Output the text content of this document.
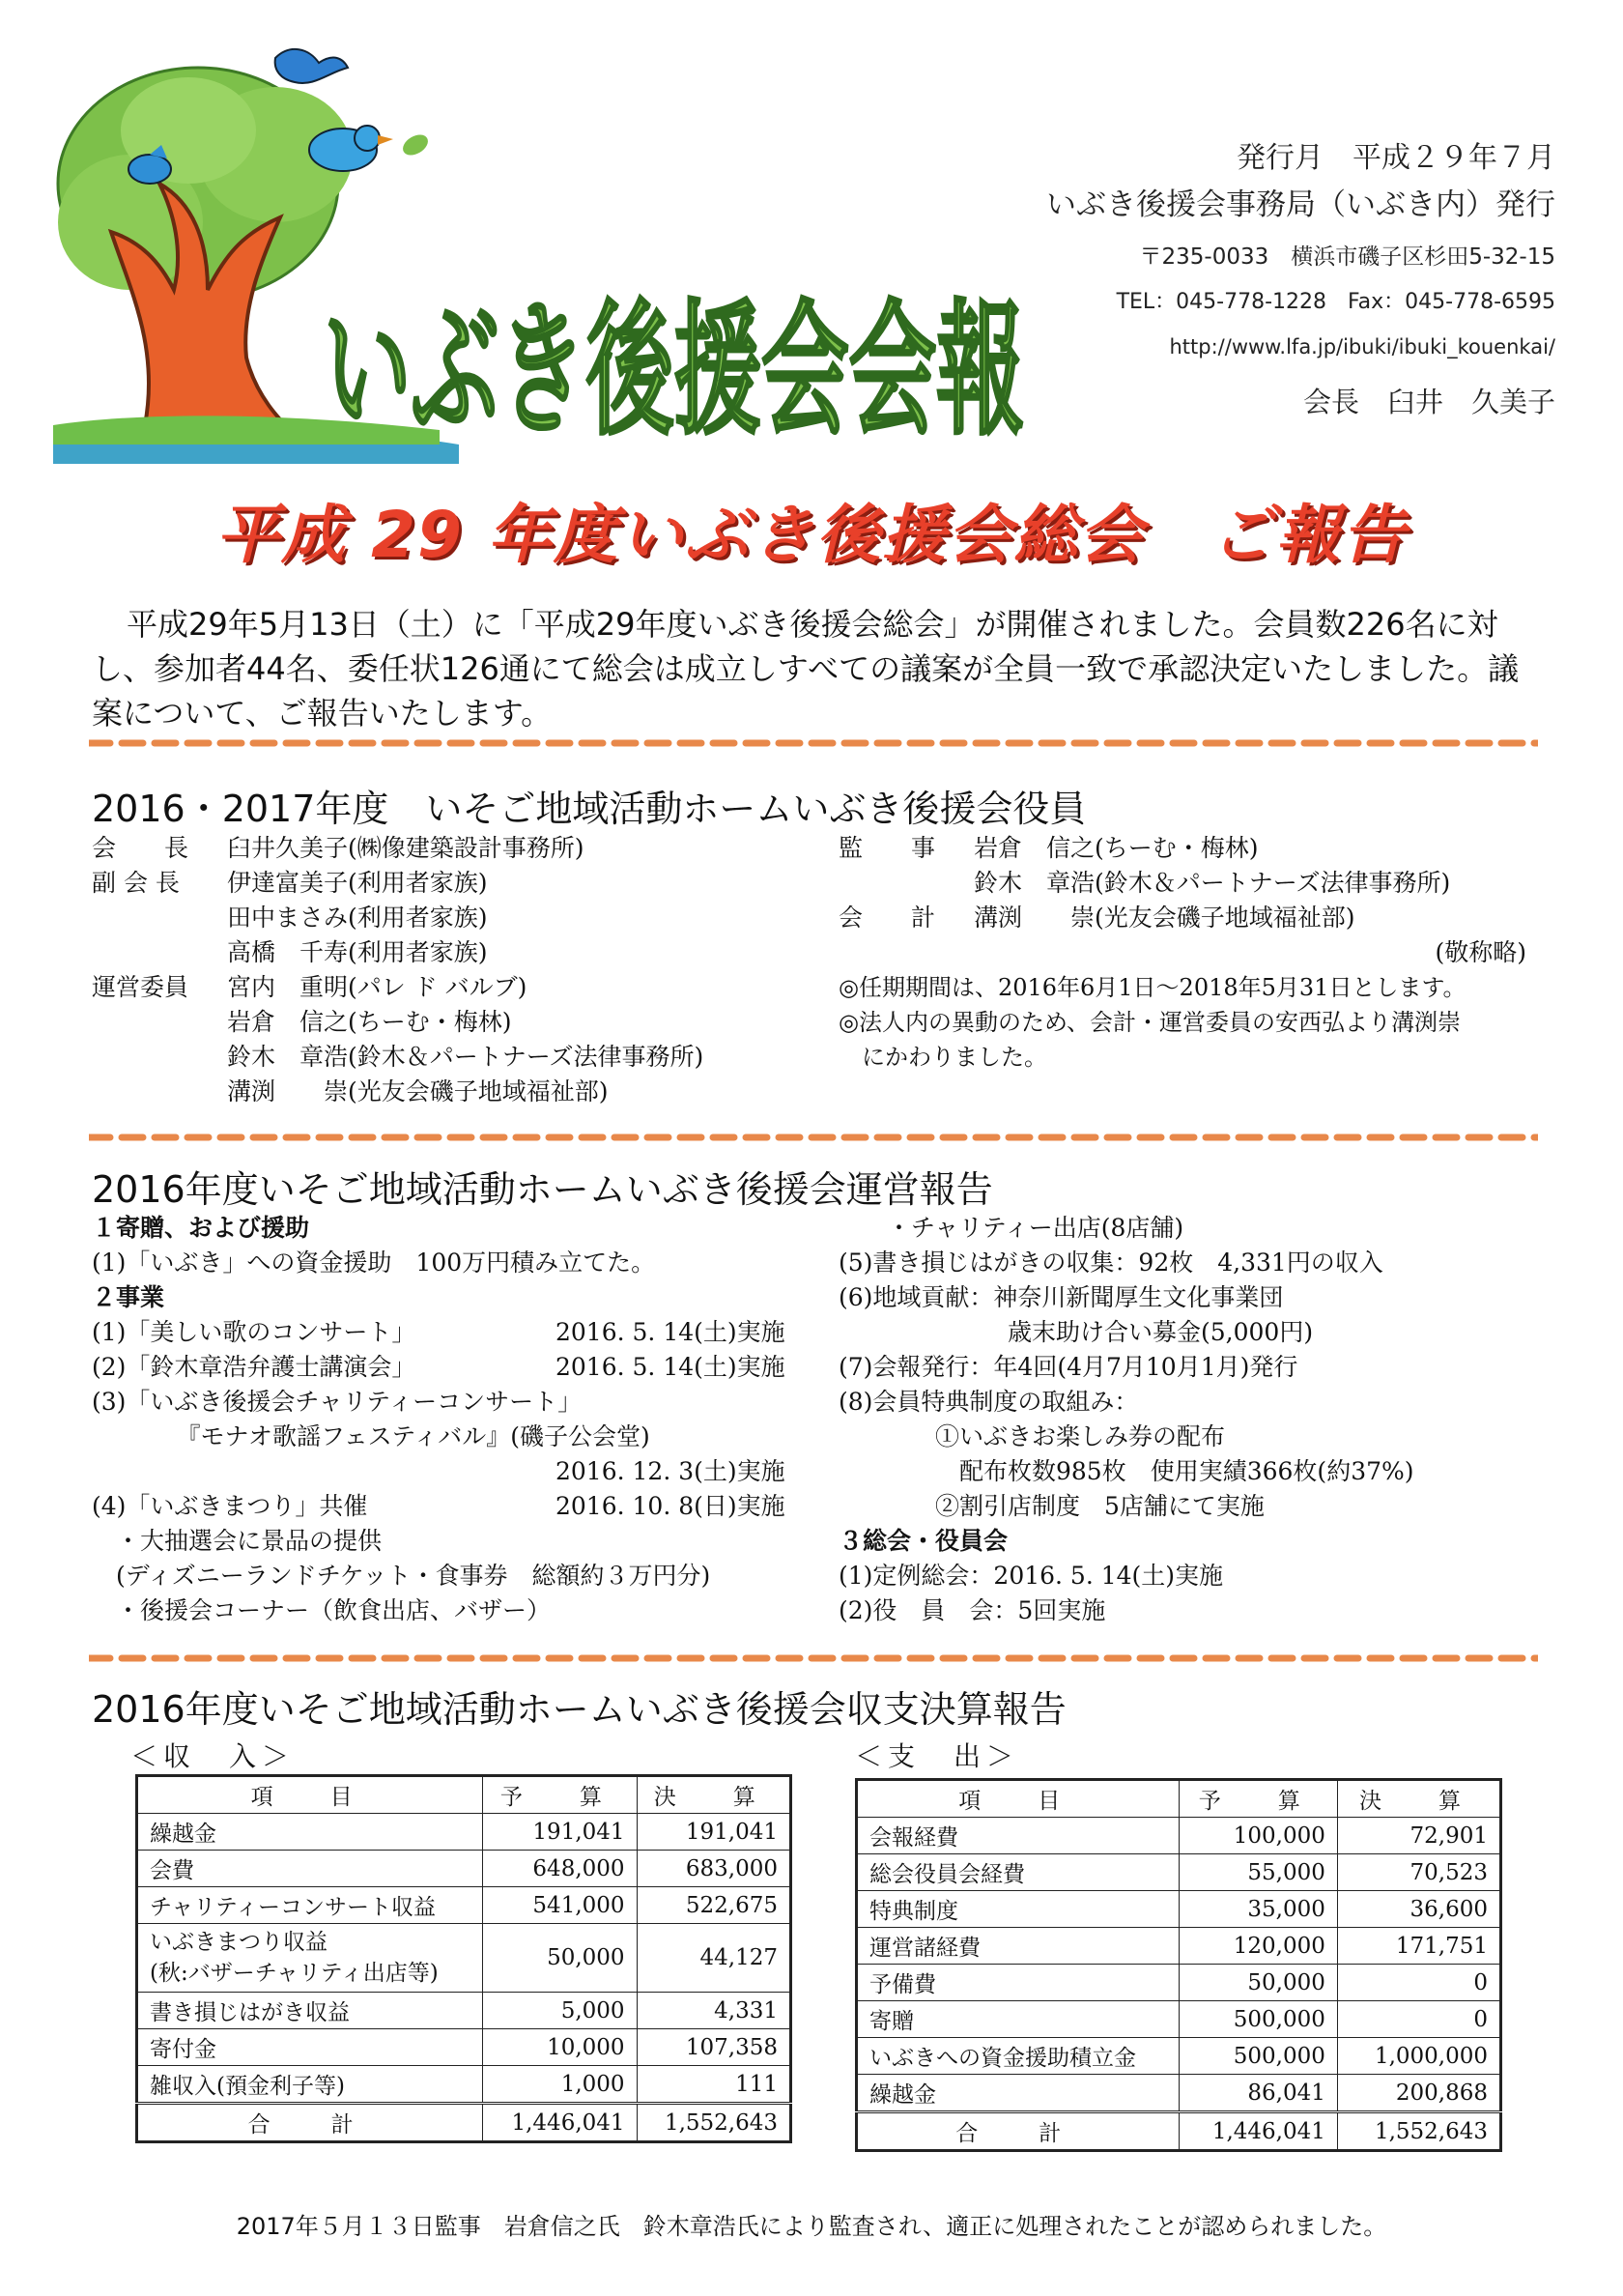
いぶき後援会会報
発行月　平成２９年７月
いぶき後援会事務局（いぶき内）発行
〒235-0033　横浜市磯子区杉田5-32-15
TEL：045-778-1228　Fax：045-778-6595
http://www.lfa.jp/ibuki/ibuki_kouenkai/
会長　臼井　久美子
平成 29 年度いぶき後援会総会　ご報告
平成29年5月13日（土）に「平成29年度いぶき後援会総会」が開催されました。会員数226名に対し、参加者44名、委任状126通にて総会は成立しすべての議案が全員一致で承認決定いたしました。議案について、ご報告いたします。
2016・2017年度　いそご地域活動ホームいぶき後援会役員
会　　長 臼井久美子(㈱像建築設計事務所)
副 会 長 伊達富美子(利用者家族)
田中まさみ(利用者家族)
高橋　千寿(利用者家族)
運営委員 宮内　重明(パレ ド バルブ)
岩倉　信之(ちーむ・梅林)
鈴木　章浩(鈴木＆パートナーズ法律事務所)
溝渕　　崇(光友会磯子地域福祉部)
監　　事 岩倉　信之(ちーむ・梅林)
鈴木　章浩(鈴木＆パートナーズ法律事務所)
会　　計 溝渕　　崇(光友会磯子地域福祉部)
(敬称略)
◎任期期間は、2016年6月1日～2018年5月31日とします。
◎法人内の異動のため、会計・運営委員の安西弘より溝渕崇
　にかわりました。
2016年度いそご地域活動ホームいぶき後援会運営報告
１寄贈、および援助
(1)「いぶき」への資金援助　100万円積み立てた。
２事業
(1)「美しい歌のコンサート」	2016. 5. 14(土)実施
(2)「鈴木章浩弁護士講演会」	2016. 5. 14(土)実施
(3)「いぶき後援会チャリティーコンサート」
　　　　『モナオ歌謡フェスティバル』(磯子公会堂)
2016. 12. 3(土)実施
(4)「いぶきまつり」共催	2016. 10. 8(日)実施
　・大抽選会に景品の提供
　(ディズニーランドチケット・食事券　総額約３万円分)
　・後援会コーナー（飲食出店、バザー）
　　・チャリティー出店(8店舗)
(5)書き損じはがきの収集：92枚　4,331円の収入
(6)地域貢献：神奈川新聞厚生文化事業団
　　　　　　　歳末助け合い募金(5,000円)
(7)会報発行：年4回(4月7月10月1月)発行
(8)会員特典制度の取組み：
　　　　①いぶきお楽しみ券の配布
　　　　　配布枚数985枚　使用実績366枚(約37%)
　　　　②割引店制度　5店舗にて実施
３総会・役員会
(1)定例総会：2016. 5. 14(土)実施
(2)役　員　会：5回実施
2016年度いそご地域活動ホームいぶき後援会収支決算報告
＜収　入＞	＜支　出＞
項　目	予　算	決　算
繰越金	191,041	191,041
会費	648,000	683,000
チャリティーコンサート収益	541,000	522,675

いぶきまつり収益
(秋:バザーチャリティ出店等)	50,000	44,127
書き損じはがき収益	5,000	4,331
寄付金	10,000	107,358
雑収入(預金利子等)	1,000	111
合　計	1,446,041	1,552,643
項　目	予　算	決　算
会報経費	100,000	72,901
総会役員会経費	55,000	70,523
特典制度	35,000	36,600
運営諸経費	120,000	171,751
予備費	50,000	0
寄贈	500,000	0
いぶきへの資金援助積立金	500,000	1,000,000
繰越金	86,041	200,868
合　計	1,446,041	1,552,643
2017年５月１３日監事　岩倉信之氏　鈴木章浩氏により監査され、適正に処理されたことが認められました。
